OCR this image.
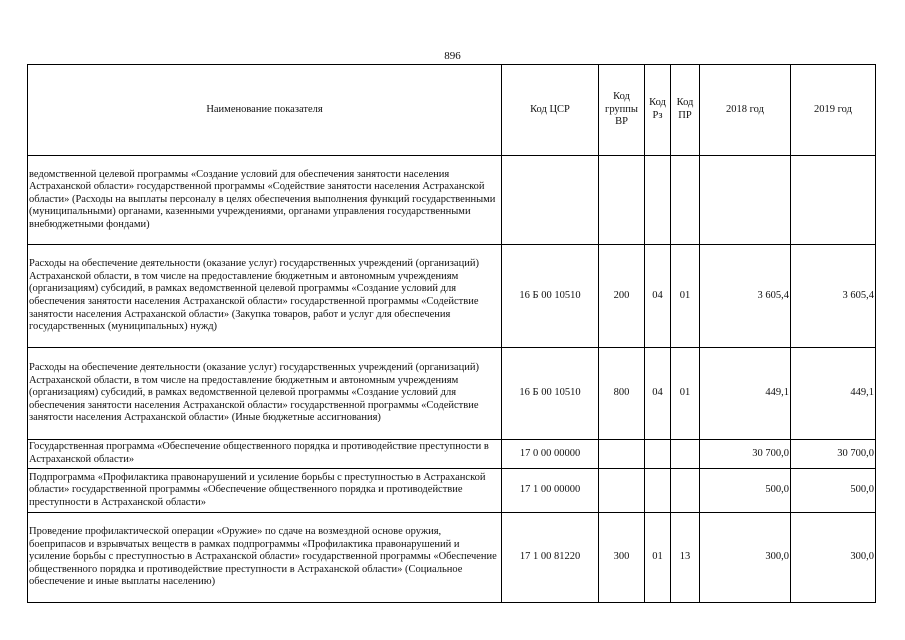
896
Наименование показателя	Код ЦСР	Код группы ВР	Код Рз	Код ПР	2018 год	2019 год
ведомственной целевой программы «Создание условий для обеспечения занятости населения Астраханской области» государственной программы «Содействие занятости населения Астраханской области» (Расходы на выплаты персоналу в целях обеспечения выполнения функций государственными (муниципальными) органами, казенными учреждениями, органами управления государственными внебюджетными фондами)						
Расходы на обеспечение деятельности (оказание услуг) государственных учреждений (организаций) Астраханской области, в том числе на предоставление бюджетным и автономным учреждениям (организациям) субсидий, в рамках ведомственной целевой программы «Создание условий для обеспечения занятости населения Астраханской области» государственной программы «Содействие занятости населения Астраханской области» (Закупка товаров, работ и услуг для обеспечения государственных (муниципальных) нужд)	16 Б 00 10510	200	04	01	3 605,4	3 605,4
Расходы на обеспечение деятельности (оказание услуг) государственных учреждений (организаций) Астраханской области, в том числе на предоставление бюджетным и автономным учреждениям (организациям) субсидий, в рамках ведомственной целевой программы «Создание условий для обеспечения занятости населения Астраханской области» государственной программы «Содействие занятости населения Астраханской области» (Иные бюджетные ассигнования)	16 Б 00 10510	800	04	01	449,1	449,1
Государственная программа «Обеспечение общественного порядка и противодействие преступности в Астраханской области»	17 0 00 00000				30 700,0	30 700,0
Подпрограмма «Профилактика правонарушений и усиление борьбы с преступностью в Астраханской области» государственной программы «Обеспечение общественного порядка и противодействие преступности в Астраханской области»	17 1 00 00000				500,0	500,0
Проведение профилактической операции «Оружие» по сдаче на возмездной основе оружия, боеприпасов и взрывчатых веществ в рамках подпрограммы «Профилактика правонарушений и усиление борьбы с преступностью в Астраханской области» государственной программы «Обеспечение общественного порядка и противодействие преступности в Астраханской области» (Социальное обеспечение и иные выплаты населению)	17 1 00 81220	300	01	13	300,0	300,0
